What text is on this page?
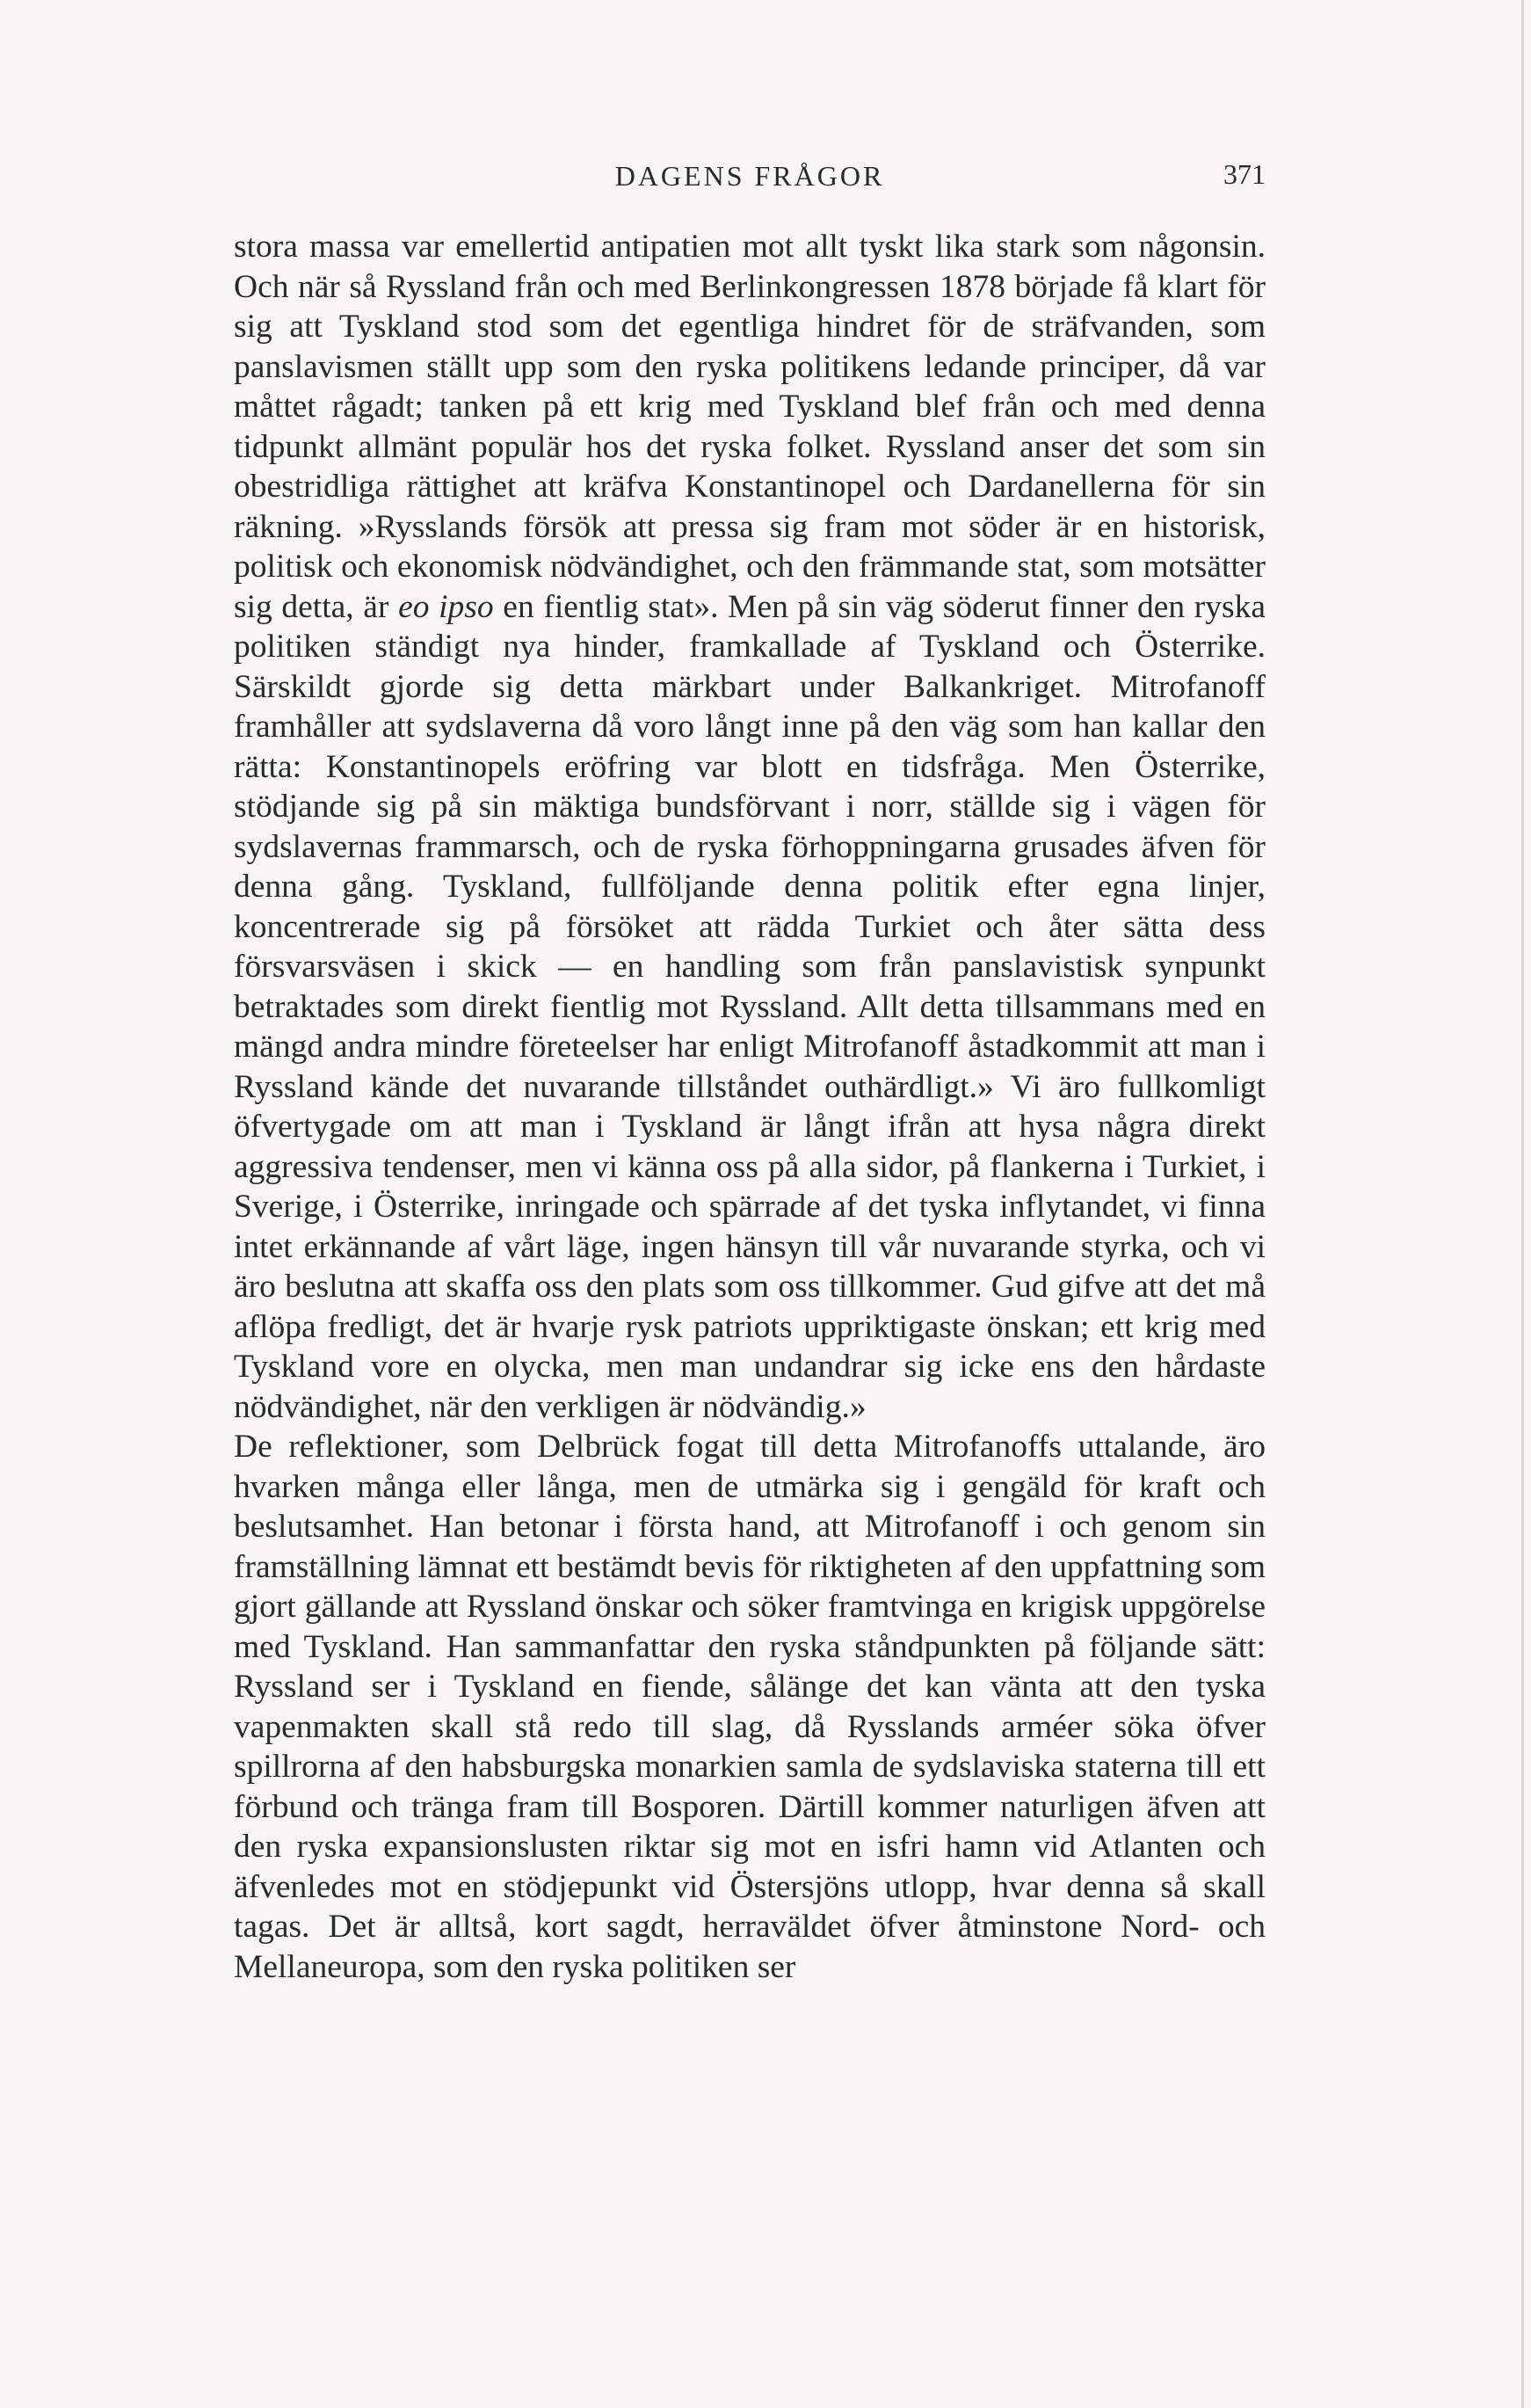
DAGENS FRÅGOR	371

stora massa var emellertid antipatien mot allt tyskt lika stark som någonsin. Och när så Ryssland från och med Berlinkongressen 1878 började få klart för sig att Tyskland stod som det egentliga hindret för de sträfvanden, som panslavismen ställt upp som den ryska politikens ledande principer, då var måttet rågadt; tanken på ett krig med Tyskland blef från och med denna tidpunkt allmänt populär hos det ryska folket. Ryssland anser det som sin obestridliga rättighet att kräfva Konstantinopel och Dardanellerna för sin räkning. »Rysslands försök att pressa sig fram mot söder är en historisk, politisk och ekonomisk nödvändighet, och den främmande stat, som motsätter sig detta, är eo ipso en fientlig stat». Men på sin väg söderut finner den ryska politiken ständigt nya hinder, framkallade af Tyskland och Österrike. Särskildt gjorde sig detta märkbart under Balkankriget. Mitrofanoff framhåller att sydslaverna då voro långt inne på den väg som han kallar den rätta: Konstantinopels eröfring var blott en tidsfråga. Men Österrike, stödjande sig på sin mäktiga bundsförvant i norr, ställde sig i vägen för sydslavernas frammarsch, och de ryska förhoppningarna grusades äfven för denna gång. Tyskland, fullföljande denna politik efter egna linjer, koncentrerade sig på försöket att rädda Turkiet och åter sätta dess försvarsväsen i skick — en handling som från panslavistisk synpunkt betraktades som direkt fientlig mot Ryssland. Allt detta tillsammans med en mängd andra mindre företeelser har enligt Mitrofanoff åstadkommit att man i Ryssland kände det nuvarande tillståndet outhärdligt.» Vi äro fullkomligt öfvertygade om att man i Tyskland är långt ifrån att hysa några direkt aggressiva tendenser, men vi känna oss på alla sidor, på flankerna i Turkiet, i Sverige, i Österrike, inringade och spärrade af det tyska inflytandet, vi finna intet erkännande af vårt läge, ingen hänsyn till vår nuvarande styrka, och vi äro beslutna att skaffa oss den plats som oss tillkommer. Gud gifve att det må aflöpa fredligt, det är hvarje rysk patriots uppriktigaste önskan; ett krig med Tyskland vore en olycka, men man undandrar sig icke ens den hårdaste nödvändighet, när den verkligen är nödvändig.»

De reflektioner, som Delbrück fogat till detta Mitrofanoffs uttalande, äro hvarken många eller långa, men de utmärka sig i gengäld för kraft och beslutsamhet. Han betonar i första hand, att Mitrofanoff i och genom sin framställning lämnat ett bestämdt bevis för riktigheten af den uppfattning som gjort gällande att Ryssland önskar och söker framtvinga en krigisk uppgörelse med Tyskland. Han sammanfattar den ryska ståndpunkten på följande sätt: Ryssland ser i Tyskland en fiende, sålänge det kan vänta att den tyska vapenmakten skall stå redo till slag, då Rysslands arméer söka öfver spillrorna af den habsburgska monarkien samla de sydslaviska staterna till ett förbund och tränga fram till Bosporen. Därtill kommer naturligen äfven att den ryska expansionslusten riktar sig mot en isfri hamn vid Atlanten och äfvenledes mot en stödjepunkt vid Östersjöns utlopp, hvar denna så skall tagas. Det är alltså, kort sagdt, herraväldet öfver åtminstone Nord- och Mellaneuropa, som den ryska politiken ser
